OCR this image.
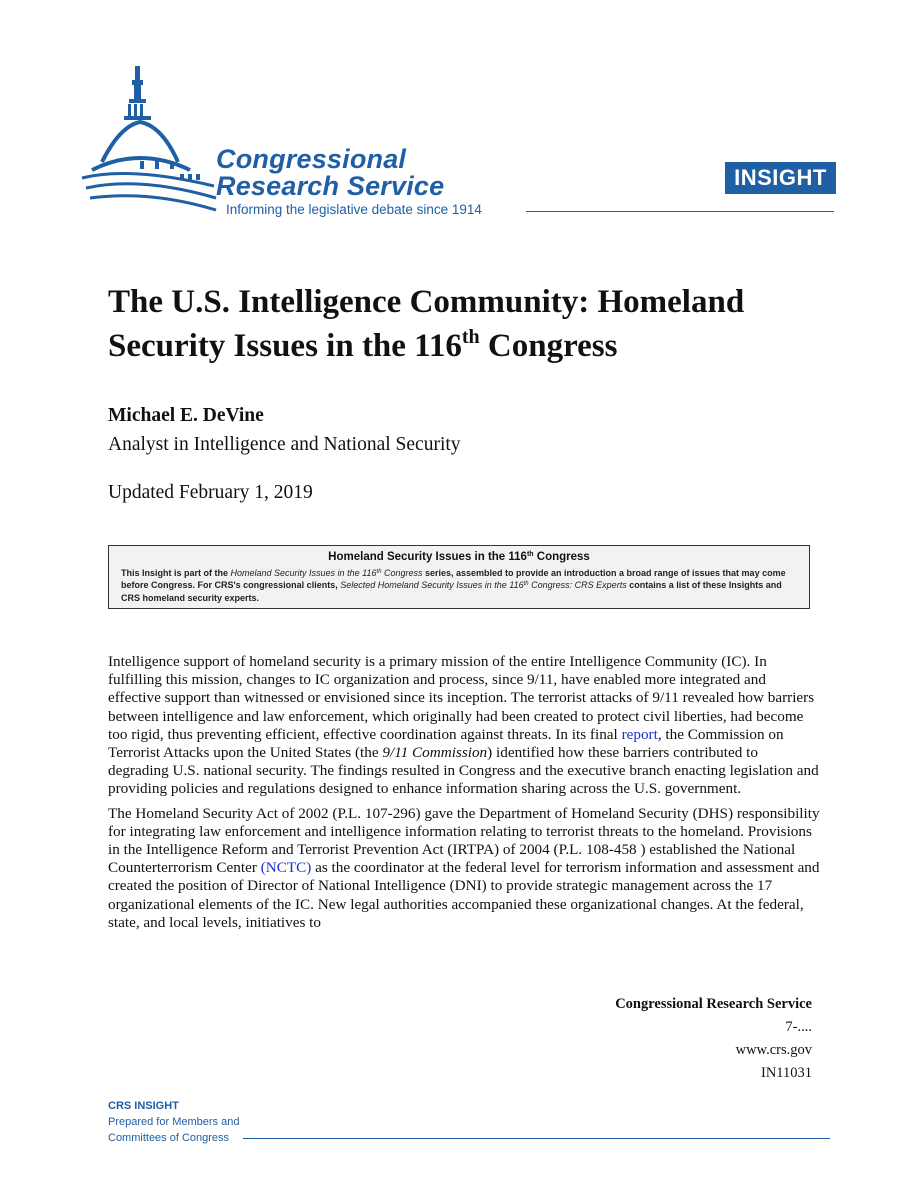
Congressional
Research Service
Informing the legislative debate since 1914
INSIGHT
The U.S. Intelligence Community: Homeland Security Issues in the 116th Congress
Michael E. DeVine
Analyst in Intelligence and National Security
Updated February 1, 2019
Homeland Security Issues in the 116th Congress
This Insight is part of the Homeland Security Issues in the 116th Congress series, assembled to provide an introduction a broad range of issues that may come before Congress. For CRS's congressional clients, Selected Homeland Security Issues in the 116th Congress: CRS Experts contains a list of these Insights and CRS homeland security experts.

Intelligence support of homeland security is a primary mission of the entire Intelligence Community (IC). In fulfilling this mission, changes to IC organization and process, since 9/11, have enabled more integrated and effective support than witnessed or envisioned since its inception. The terrorist attacks of 9/11 revealed how barriers between intelligence and law enforcement, which originally had been created to protect civil liberties, had become too rigid, thus preventing efficient, effective coordination against threats. In its final report, the Commission on Terrorist Attacks upon the United States (the 9/11 Commission) identified how these barriers contributed to degrading U.S. national security. The findings resulted in Congress and the executive branch enacting legislation and providing policies and regulations designed to enhance information sharing across the U.S. government.

The Homeland Security Act of 2002 (P.L. 107-296) gave the Department of Homeland Security (DHS) responsibility for integrating law enforcement and intelligence information relating to terrorist threats to the homeland. Provisions in the Intelligence Reform and Terrorist Prevention Act (IRTPA) of 2004 (P.L. 108-458 ) established the National Counterterrorism Center (NCTC) as the coordinator at the federal level for terrorism information and assessment and created the position of Director of National Intelligence (DNI) to provide strategic management across the 17 organizational elements of the IC. New legal authorities accompanied these organizational changes. At the federal, state, and local levels, initiatives to

Congressional Research Service
7-....
www.crs.gov
IN11031
CRS INSIGHT
Prepared for Members and
Committees of Congress
